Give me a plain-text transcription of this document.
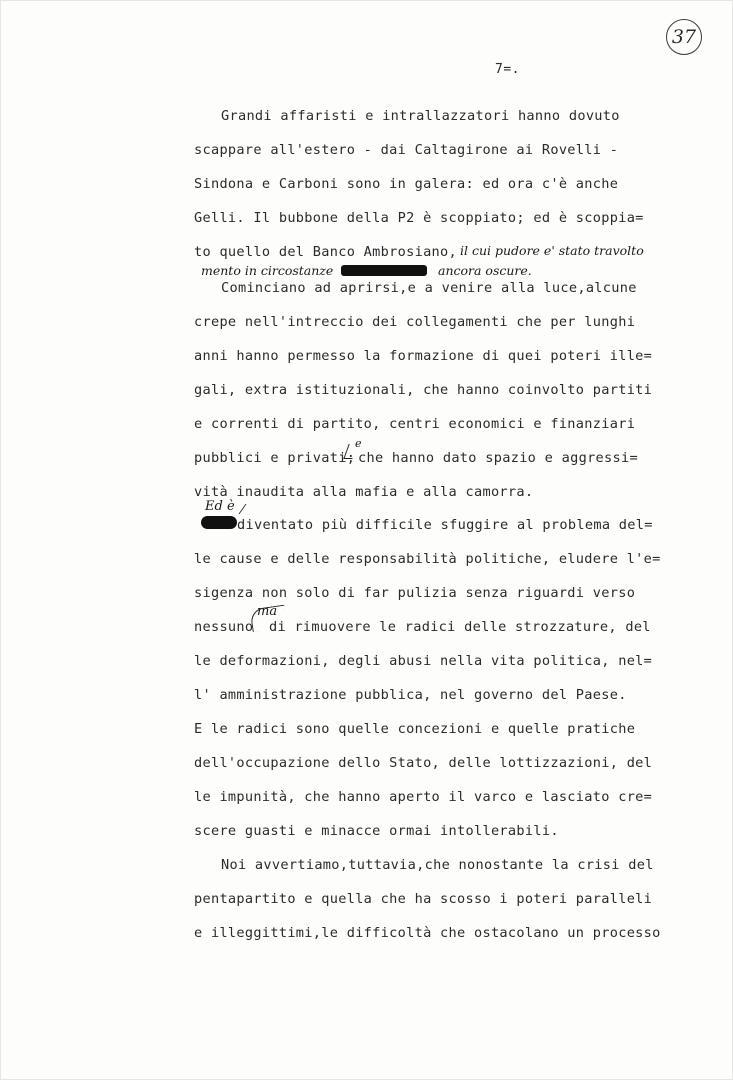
37
7=.
Grandi affaristi e intrallazzatori hanno dovuto
scappare all'estero - dai Caltagirone ai Rovelli -
Sindona e Carboni sono in galera: ed ora c'è anche
Gelli. Il bubbone della P2 è scoppiato; ed è scoppia=
to quello del Banco Ambrosiano, il cui pudore e' stato travolto
mento in circostanze	ancora oscure.
Cominciano ad aprirsi,e a venire alla luce,alcune
crepe nell'intreccio dei collegamenti che per lunghi
anni hanno permesso la formazione di quei poteri ille=
gali, extra istituzionali, che hanno coinvolto partiti
e correnti di partito, centri economici e finanziari
pubblici e privati;
e
che hanno dato spazio e aggressi=
vità inaudita alla mafia e alla camorra.
Ed è
diventato più difficile sfuggire al problema del=
le cause e delle responsabilità politiche, eludere l'e=
sigenza non solo di far pulizia senza riguardi verso
nessuno
ma
di rimuovere le radici delle strozzature, del
le deformazioni, degli abusi nella vita politica, nel=
l' amministrazione pubblica, nel governo del Paese.
E le radici sono quelle concezioni e quelle pratiche
dell'occupazione dello Stato, delle lottizzazioni, del
le impunità, che hanno aperto il varco e lasciato cre=
scere guasti e minacce ormai intollerabili.
Noi avvertiamo,tuttavia,che nonostante la crisi del
pentapartito e quella che ha scosso i poteri paralleli
e illeggittimi,le difficoltà che ostacolano un processo
